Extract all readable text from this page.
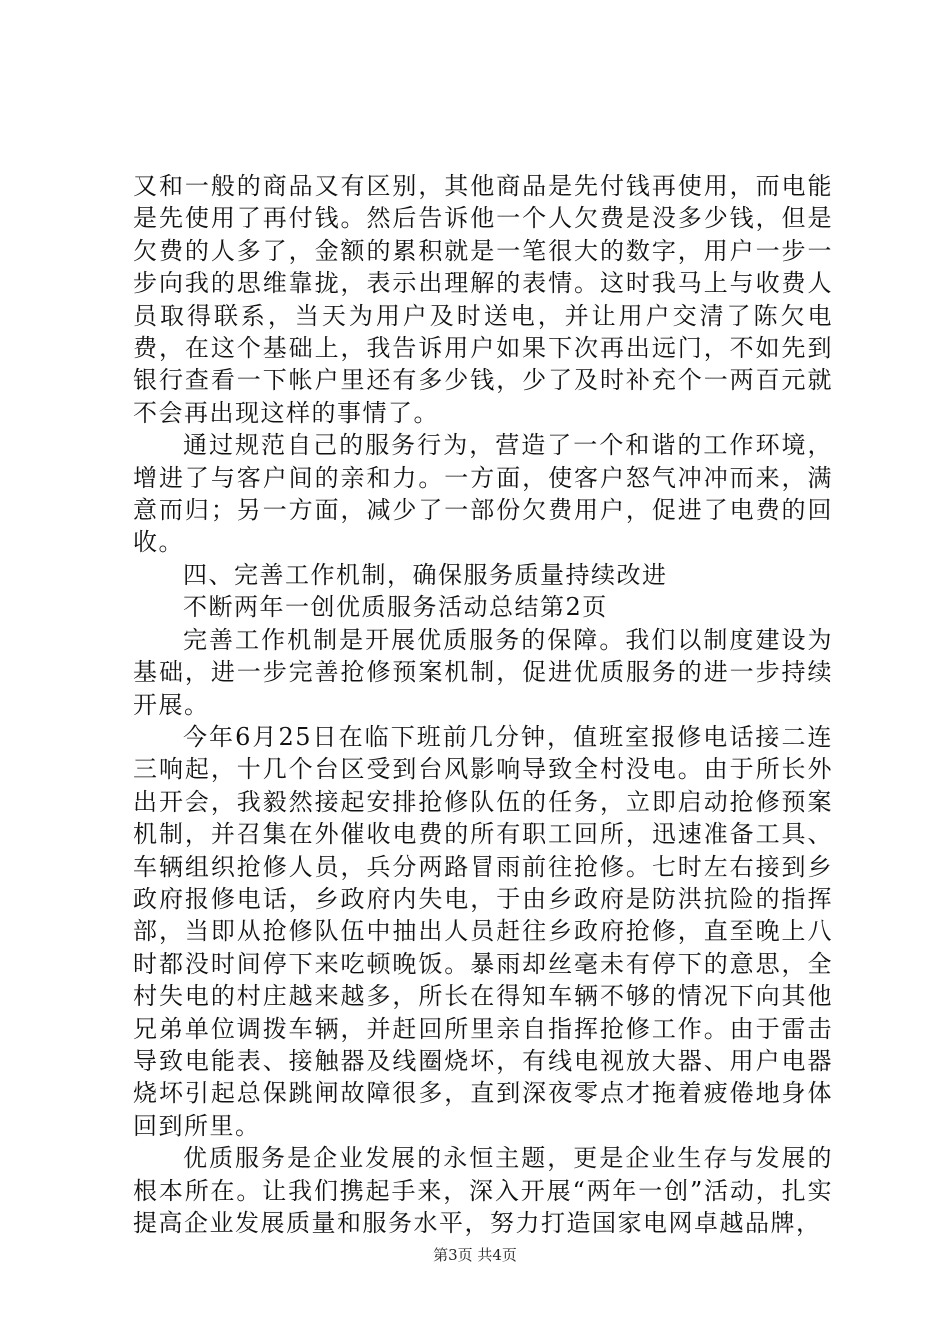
又和一般的商品又有区别，其他商品是先付钱再使用，而电能是先使用了再付钱。然后告诉他一个人欠费是没多少钱，但是欠费的人多了，金额的累积就是一笔很大的数字，用户一步一步向我的思维靠拢，表示出理解的表情。这时我马上与收费人员取得联系，当天为用户及时送电，并让用户交清了陈欠电费，在这个基础上，我告诉用户如果下次再出远门，不如先到银行查看一下帐户里还有多少钱，少了及时补充个一两百元就不会再出现这样的事情了。

通过规范自己的服务行为，营造了一个和谐的工作环境，增进了与客户间的亲和力。一方面，使客户怒气冲冲而来，满意而归；另一方面，减少了一部份欠费用户，促进了电费的回收。

四、完善工作机制，确保服务质量持续改进

不断两年一创优质服务活动总结第2页

完善工作机制是开展优质服务的保障。我们以制度建设为基础，进一步完善抢修预案机制，促进优质服务的进一步持续开展。

今年6月25日在临下班前几分钟，值班室报修电话接二连三响起，十几个台区受到台风影响导致全村没电。由于所长外出开会，我毅然接起安排抢修队伍的任务，立即启动抢修预案机制，并召集在外催收电费的所有职工回所，迅速准备工具、车辆组织抢修人员，兵分两路冒雨前往抢修。七时左右接到乡政府报修电话，乡政府内失电，于由乡政府是防洪抗险的指挥部，当即从抢修队伍中抽出人员赶往乡政府抢修，直至晚上八时都没时间停下来吃顿晚饭。暴雨却丝毫未有停下的意思，全村失电的村庄越来越多，所长在得知车辆不够的情况下向其他兄弟单位调拨车辆，并赶回所里亲自指挥抢修工作。由于雷击导致电能表、接触器及线圈烧坏，有线电视放大器、用户电器烧坏引起总保跳闸故障很多，直到深夜零点才拖着疲倦地身体回到所里。

优质服务是企业发展的永恒主题，更是企业生存与发展的根本所在。让我们携起手来，深入开展“两年一创”活动，扎实提高企业发展质量和服务水平，努力打造国家电网卓越品牌，

第3页 共4页
